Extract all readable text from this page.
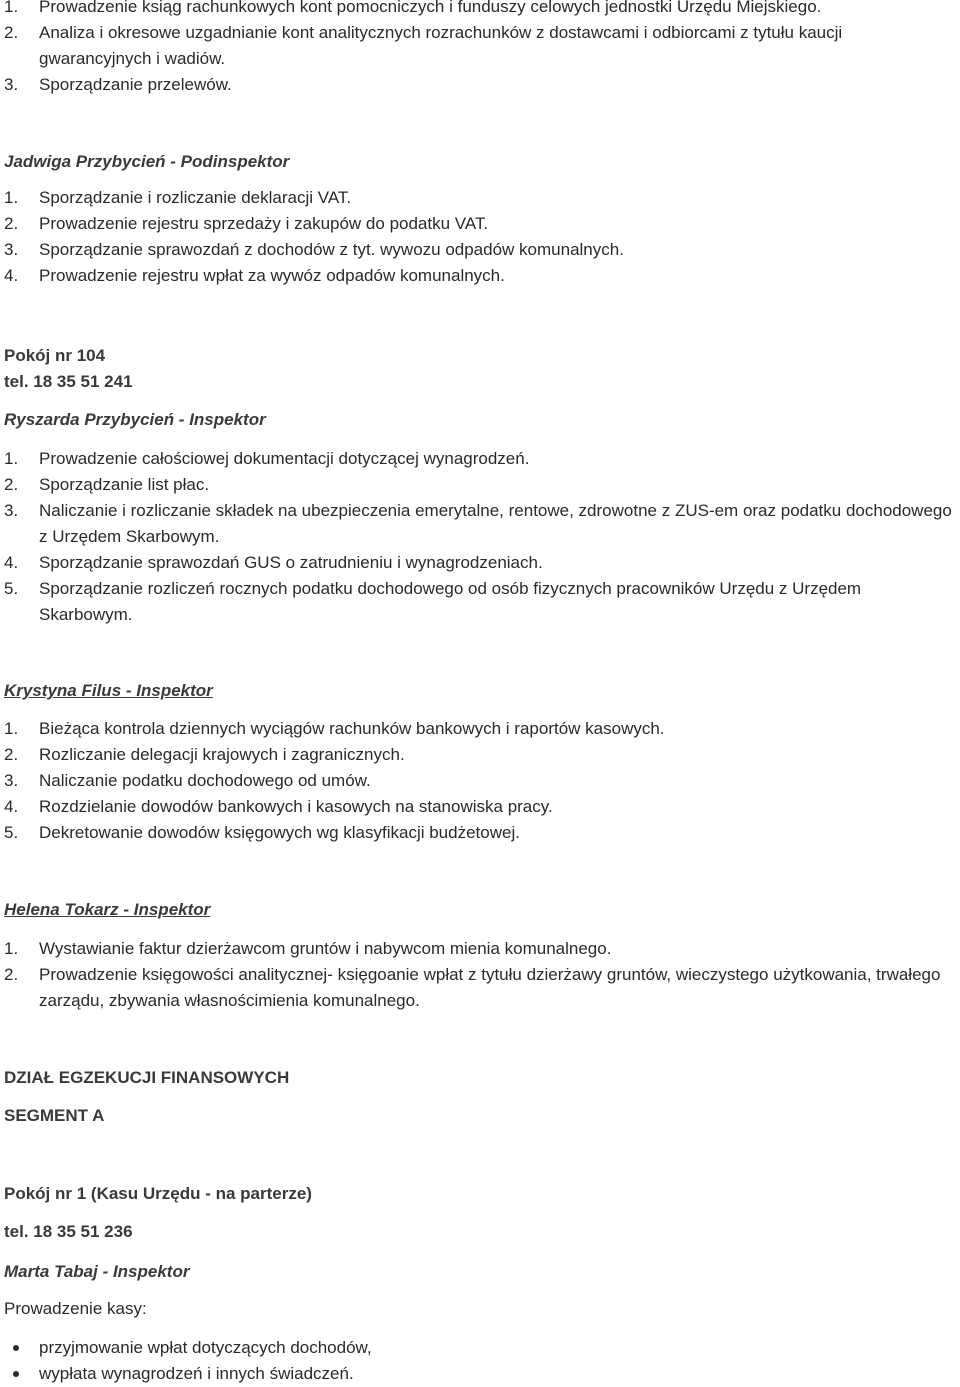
1.	Prowadzenie ksiąg rachunkowych kont pomocniczych i funduszy celowych jednostki Urzędu Miejskiego.
2.	Analiza i okresowe uzgadnianie kont analitycznych rozrachunków z dostawcami i odbiorcami z tytułu kaucji gwarancyjnych i wadiów.
3.	Sporządzanie przelewów.
Jadwiga Przybycień - Podinspektor
1.	Sporządzanie i rozliczanie deklaracji VAT.
2.	Prowadzenie rejestru sprzedaży i zakupów do podatku VAT.
3.	Sporządzanie sprawozdań z dochodów z tyt. wywozu odpadów komunalnych.
4.	Prowadzenie rejestru wpłat za wywóz odpadów komunalnych.
Pokój nr 104
tel. 18 35 51 241
Ryszarda Przybycień - Inspektor
1.	Prowadzenie całościowej dokumentacji dotyczącej wynagrodzeń.
2.	Sporządzanie list płac.
3.	Naliczanie i rozliczanie składek na ubezpieczenia emerytalne, rentowe, zdrowotne z ZUS-em oraz podatku dochodowego z Urzędem Skarbowym.
4.	Sporządzanie sprawozdań GUS o zatrudnieniu i wynagrodzeniach.
5.	Sporządzanie rozliczeń rocznych podatku dochodowego od osób fizycznych pracowników Urzędu z Urzędem Skarbowym.
Krystyna Filus - Inspektor
1.	Bieżąca kontrola dziennych wyciągów rachunków bankowych i raportów kasowych.
2.	Rozliczanie delegacji krajowych i zagranicznych.
3.	Naliczanie podatku dochodowego od umów.
4.	Rozdzielanie dowodów bankowych i kasowych na stanowiska pracy.
5.	Dekretowanie dowodów księgowych wg klasyfikacji budżetowej.
Helena Tokarz - Inspektor
1.	Wystawianie faktur dzierżawcom gruntów i nabywcom mienia komunalnego.
2.	Prowadzenie księgowości analitycznej- księgoanie wpłat z tytułu dzierżawy gruntów, wieczystego użytkowania, trwałego zarządu, zbywania własnościmienia komunalnego.
DZIAŁ EGZEKUCJI FINANSOWYCH
SEGMENT A
Pokój nr 1 (Kasu Urzędu - na parterze)
tel. 18 35 51 236
Marta Tabaj - Inspektor
Prowadzenie kasy:
przyjmowanie wpłat dotyczących dochodów,
wypłata wynagrodzeń i innych świadczeń.
